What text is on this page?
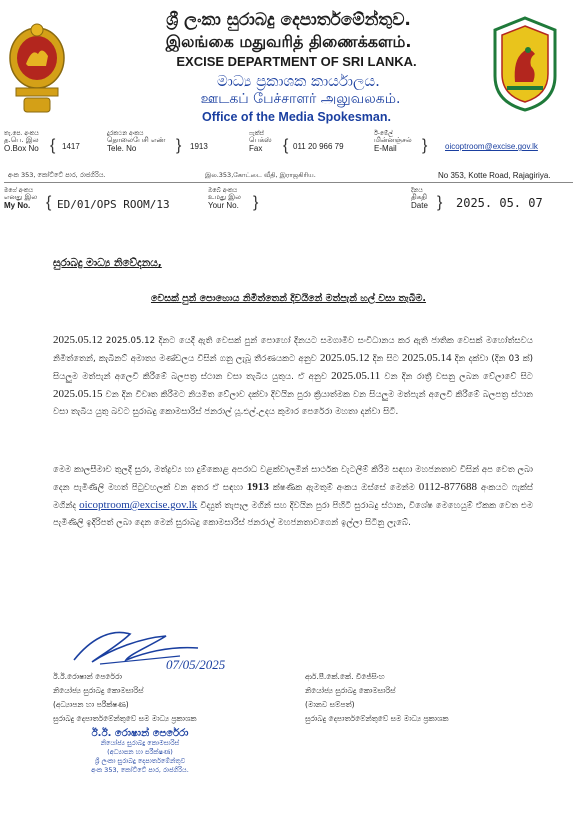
ශ්‍රී ලංකා සුරාබදු දෙපාර්තමේන්තුව.
இலங்கை மதுவரித் திணைக்களம்.
EXCISE DEPARTMENT OF SRI LANKA.
මාධ්‍ය ප්‍රකාශක කාර්යාලය.
ஊடகப் பேச்சாளர் அலுவலகம்.
Office of the Media Spokesman.
තැ.පෙ. අංකය
த.பெ. இல
O.Box No { 1417
දුරකථන අංකය
தொலைபேசி எண்
Tele. No	} 1913
ෆැක්ස්
பெக்ஸ்
Fax	{ 011 20 966 79
ඊ-මේල්
மின்னஞ்சல்
E-Mail	} oicoptroom@excise.gov.lk
අංක 353, කෝට්ටේ පාර, රාජගිරිය.	இல.353,கோட்டை வீதி, இராஜகிரிய.	No 353, Kotte Road, Rajagiriya.
මගේ අංකය
எனது இல
My No. { ED/01/OPS ROOM/13
ඔබේ අංකය
உமது இல
Your No. }
දිනය
திகதி
Date } 2025. 05. 07
සුරාබදු මාධ්‍ය නිවේදනය,
වෙසක් පුන් පොහොය නිමිත්තෙන් දිවයිනේ මත්පැන් හල් වසා තැබීම.
2025.05.12 2025.05.12 දිනට යෙදී ඇති වෙසක් පුන් පොහෝ දිනයට සමගාමීව සංවිධානය කර ඇති ජාතික වෙසක් මහෝත්සවය නිමිත්තෙන්, කැබිනට් අමාත්‍ය මණ්ඩලය විසින් ගනු ලැබූ තීරණයකට අනුව 2025.05.12 දින සිට 2025.05.14 දින දක්වා (දින 03 ක්) සියලුම මත්පැන් අලෙවි කිරීමේ බලපත්‍ර ස්ථාන වසා තැබිය යුතුය. ඒ අනුව 2025.05.11 වන දින රාත්‍රී වසනු ලබන වේලාවේ සිට 2025.05.15 වන දින විවෘත කිරීමට නියමිත වේලාව දක්වා දිවයින පුරා ක්‍රියාත්මක වන සියලුම මත්පැන් අලෙවි කිරීමේ බලපත්‍ර ස්ථාන වසා තැබිය යුතු බවට සුරාබදු කොමසාරිස් ජනරාල් යූ.එල්.උදය කුමාර පෙරේරා මහතා දන්වා සිටී.
මෙම කාලසීමාව තුලදී සුරා, මත්ද්‍රව්‍ය හා දුම්කොළ අපරාධ වළක්වාලමින් සාර්ථක වැටලීම් කිරීම සඳහා මහජනතාව විසින් අප වෙත ලබා දෙන පැමිණිලි මහත් පිටුවහලක් වන අතර ඒ සඳහා 1913 ක්ෂණික ඇමතුම් අංකය ඔස්සේ මෙන්ම 0112-877688 අංකයට ෆැක්ස් මගින්ද oicoptroom@excise.gov.lk විද්‍යුත් තැපෑල මගින් සහ දිවයින පුරා පිහිටි සුරාබදු ස්ථාන, විශේෂ මෙහෙයුම් ඒකක වෙත එම පැමිණිලි ඉදිරිපත් ලබා දෙන මෙන් සුරාබදු කොමසාරිස් ජනරාල් මහජනතාවගෙන් ඉල්ලා සිටිනු ලැබේ.
07/05/2025
ඊ.ඊ.රොෂාන් පෙරේරා
නියෝජ්‍ය සුරාබදු කොමසාරිස්
(අධ්‍යාපන හා පරීක්ෂණ)
සුරාබදු දෙපාර්තමේන්තුවේ සම මාධ්‍ය ප්‍රකාශක
ඊ.ඊ. රොෂාන් පෙරේරා
නියෝජ්‍ය සුරාබදු කොමසාරිස්
(අධ්‍යාපන හා පරීක්ෂණ)
ශ්‍රී ලංකා සුරාබදු දෙපාර්තමේන්තුව
අංක 353, කෝට්ටේ පාර, රාජගිරිය.
ආර්.පී.කේ.කේ. විජේසිංහ
නියෝජ්‍ය සුරාබදු කොමසාරිස්
(මානව සම්පත්)
සුරාබදු දෙපාර්තමේන්තුවේ සම මාධ්‍ය ප්‍රකාශක
